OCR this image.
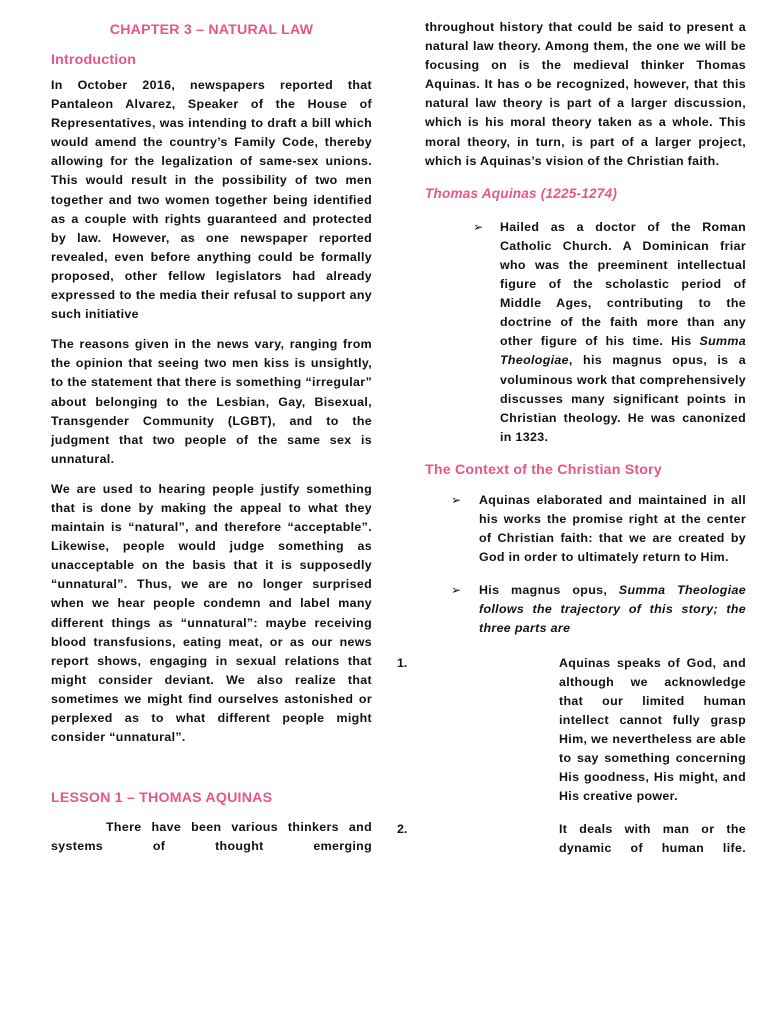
CHAPTER 3 – NATURAL LAW
Introduction

In October 2016, newspapers reported that Pantaleon Alvarez, Speaker of the House of Representatives, was intending to draft a bill which would amend the country’s Family Code, thereby allowing for the legalization of same-sex unions. This would result in the possibility of two men together and two women together being identified as a couple with rights guaranteed and protected by law. However, as one newspaper reported revealed, even before anything could be formally proposed, other fellow legislators had already expressed to the media their refusal to support any such initiative

The reasons given in the news vary, ranging from the opinion that seeing two men kiss is unsightly, to the statement that there is something “irregular” about belonging to the Lesbian, Gay, Bisexual, Transgender Community (LGBT), and to the judgment that two people of the same sex is unnatural.

We are used to hearing people justify something that is done by making the appeal to what they maintain is “natural”, and therefore “acceptable”. Likewise, people would judge something as unacceptable on the basis that it is supposedly “unnatural”. Thus, we are no longer surprised when we hear people condemn and label many different things as “unnatural”: maybe receiving blood transfusions, eating meat, or as our news report shows, engaging in sexual relations that might consider deviant. We also realize that sometimes we might find ourselves astonished or perplexed as to what different people might consider “unnatural”.

LESSON 1 – THOMAS AQUINAS

There have been various thinkers and systems of thought emerging

throughout history that could be said to present a natural law theory. Among them, the one we will be focusing on is the medieval thinker Thomas Aquinas. It has o be recognized, however, that this natural law theory is part of a larger discussion, which is his moral theory taken as a whole. This moral theory, in turn, is part of a larger project, which is Aquinas’s vision of the Christian faith.

Thomas Aquinas (1225-1274)
➢ Hailed as a doctor of the Roman Catholic Church. A Dominican friar who was the preeminent intellectual figure of the scholastic period of Middle Ages, contributing to the doctrine of the faith more than any other figure of his time. His Summa Theologiae, his magnus opus, is a voluminous work that comprehensively discusses many significant points in Christian theology. He was canonized in 1323.

The Context of the Christian Story
➢ Aquinas elaborated and maintained in all his works the promise right at the center of Christian faith: that we are created by God in order to ultimately return to Him.

➢ His magnus opus, Summa Theologiae follows the trajectory of this story; the three parts are

1.	Aquinas speaks of God, and although we acknowledge that our limited human intellect cannot fully grasp Him, we nevertheless are able to say something concerning His goodness, His might, and His creative power.

2.	It deals with man or the dynamic of human life.
